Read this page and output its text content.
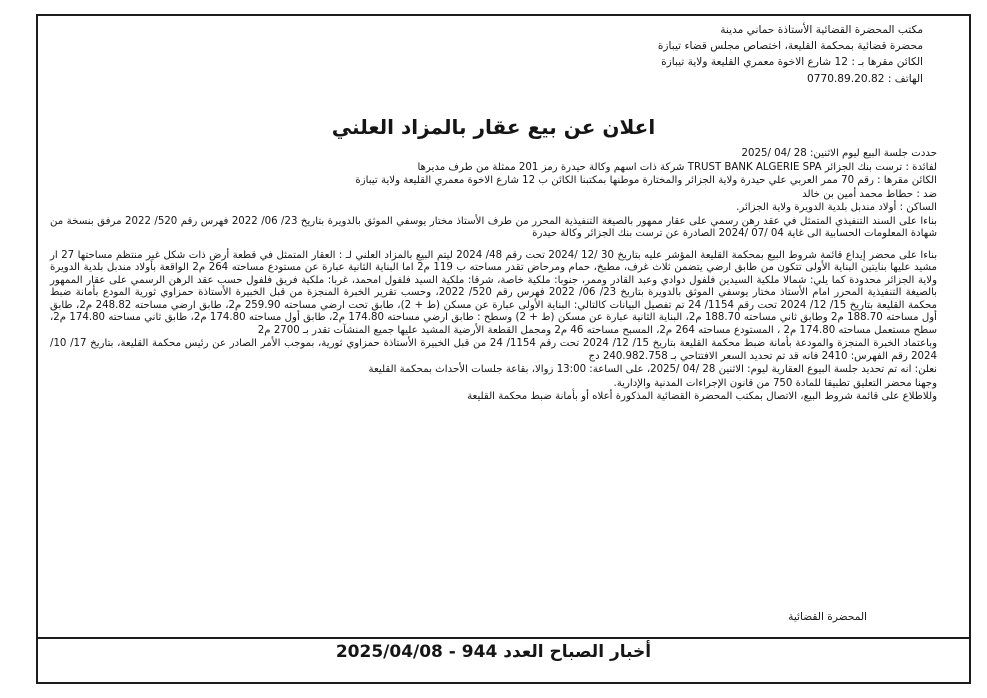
مكتب المحضرة القضائية الأستاذة حماني مدينة
محضرة قضائية بمحكمة القليعة، اختصاص مجلس قضاء تيبازة
الكائن مقرها بـ : 12 شارع الاخوة معمري القليعة ولاية تيبازة
الهاتف : 0770.89.20.82
اعلان عن بيع عقار بالمزاد العلني

حددت جلسة البيع ليوم الاثنين: 28 /04 /2025

لفائدة : ترست بنك الجزائر TRUST BANK ALGERIE SPA شركة ذات اسهم وكالة حيدرة رمز 201 ممثلة من طرف مديرها

الكائن مقرها : رقم 70 ممر العربي علي حيدرة ولاية الجزائر والمختارة موطنها بمكتبنا الكائن ب 12 شارع الاخوة معمري القليعة ولاية تيبازة

ضد : حطاط محمد أمين بن خالد

الساكن : أولاد مندبل بلدية الدويرة ولاية الجزائر.

بناءا على السند التنفيذي المتمثل في عقد رهن رسمي على عقار ممهور بالصيغة التنفيذية المحرر من طرف الأستاذ مختار يوسفي الموثق بالدويرة بتاريخ 23/ 06/ 2022 فهرس رقم 520/ 2022 مرفق بنسخة من شهادة المعلومات الحسابية الى غاية 04 /07 /2024 الصادرة عن ترست بنك الجزائر وكالة حيدرة

بناءا على محضر إيداع قائمة شروط البيع بمحكمة القليعة المؤشر عليه بتاريخ 30 /12 /2024 تحت رقم 48/ 2024 ليتم البيع بالمزاد العلني لـ : العقار المتمثل في قطعة أرض ذات شكل غير منتظم مساحتها 27 ار مشيد عليها بنايتين البناية الأولى تتكون من طابق ارضي يتضمن ثلاث غرف، مطبخ، حمام ومرحاض تقدر مساحته ب 119 م2 اما البناية الثانية عبارة عن مستودع مساحته 264 م2 الواقعة بأولاد مندبل بلدية الدويرة ولاية الجزائر محدودة كما يلي: شمالا ملكية السيدين فلفول دوادي وعبد القادر وممر، جنوبا: ملكية خاصة، شرقا: ملكية السيد فلفول امحمد، غربا: ملكية فريق فلفول حسب عقد الرهن الرسمي على عقار الممهور بالصيغة التنفيذية المحرر امام الأستاذ مختار يوسفي الموثق بالدويرة بتاريخ 23/ 06/ 2022 فهرس رقم 520/ 2022، وحسب تقرير الخبرة المنجزة من قبل الخبيرة الأستاذة حمزاوي ثورية المودع بأمانة ضبط محكمة القليعة بتاريخ 15/ 12/ 2024 تحت رقم 1154/ 24 تم تفصيل البيانات كالتالي: البناية الأولى عبارة عن مسكن (ط + 2)، طابق تحت ارضي مساحته 259.90 م2، طابق ارضي مساحته 248.82 م2، طابق أول مساحته 188.70 م2 وطابق ثاني مساحته 188.70 م2، البناية الثانية عبارة عن مسكن (ط + 2) وسطح : طابق ارضي مساحته 174.80 م2، طابق أول مساحته 174.80 م2، طابق ثاني مساحته 174.80 م2، سطح مستعمل مساحته 174.80 م2 ، المستودع مساحته 264 م2، المسبح مساحته 46 م2 ومجمل القطعة الأرضية المشيد عليها جميع المنشآت تقدر بـ 2700 م2

وباعتماد الخبرة المنجزة والمودعة بأمانة ضبط محكمة القليعة بتاريخ 15/ 12/ 2024 تحت رقم 1154/ 24 من قبل الخبيرة الأستاذة حمزاوي ثورية، بموجب الأمر الصادر عن رئيس محكمة القليعة، بتاريخ 17/ 10/ 2024 رقم الفهرس: 2410 فانه قد تم تحديد السعر الافتتاحي بـ 240.982.758 دج

نعلن: انه تم تحديد جلسة البيوع العقارية ليوم: الاثنين 28 /04 /2025، على الساعة: 13:00 زوالا، بقاعة جلسات الأحداث بمحكمة القليعة

وجهنا محضر التعليق تطبيقا للمادة 750 من قانون الإجراءات المدنية والإدارية.

وللاطلاع على قائمة شروط البيع، الاتصال بمكتب المحضرة القضائية المذكورة أعلاه أو بأمانة ضبط محكمة القليعة

المحضرة القضائية
أخبار الصباح العدد 944 - 2025/04/08
